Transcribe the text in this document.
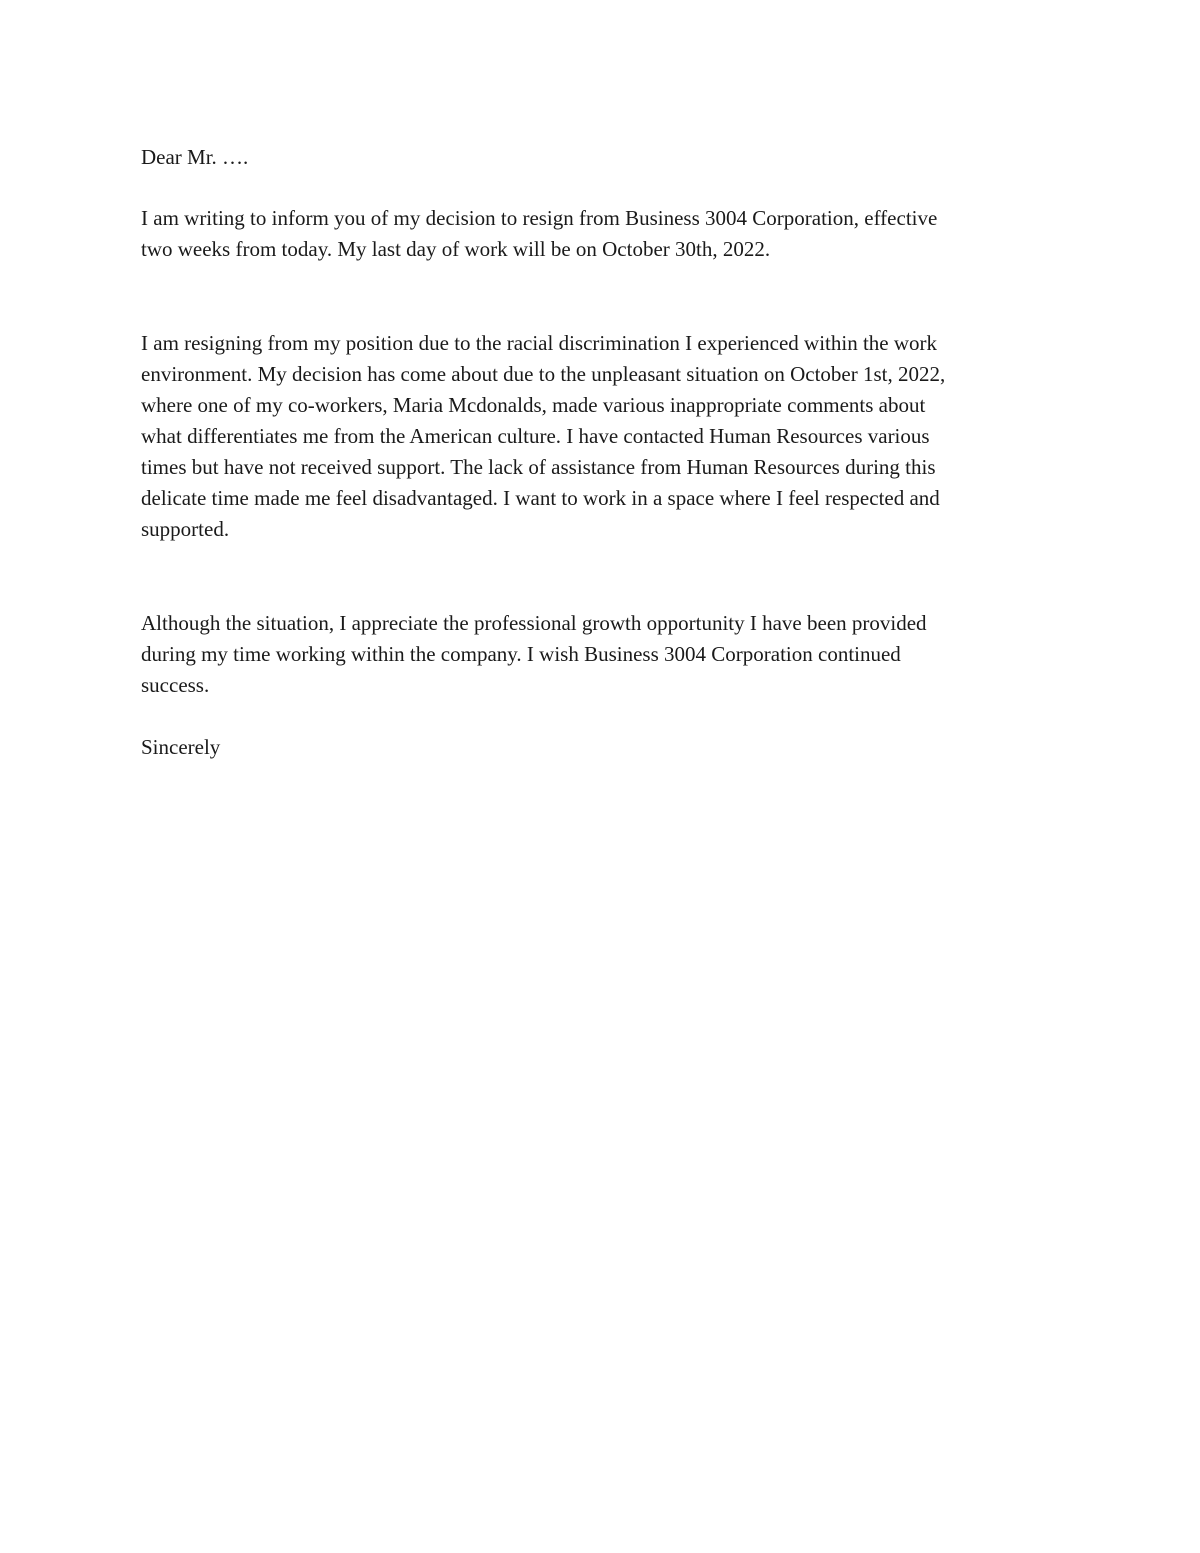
Dear Mr. ….

I am writing to inform you of my decision to resign from Business 3004 Corporation, effective

two weeks from today. My last day of work will be on October 30th, 2022.

I am resigning from my position due to the racial discrimination I experienced within the work

environment. My decision has come about due to the unpleasant situation on October 1st, 2022,

where one of my co-workers, Maria Mcdonalds, made various inappropriate comments about

what differentiates me from the American culture. I have contacted Human Resources various

times but have not received support. The lack of assistance from Human Resources during this

delicate time made me feel disadvantaged. I want to work in a space where I feel respected and

supported.

Although the situation, I appreciate the professional growth opportunity I have been provided

during my time working within the company. I wish Business 3004 Corporation continued

success.

Sincerely
